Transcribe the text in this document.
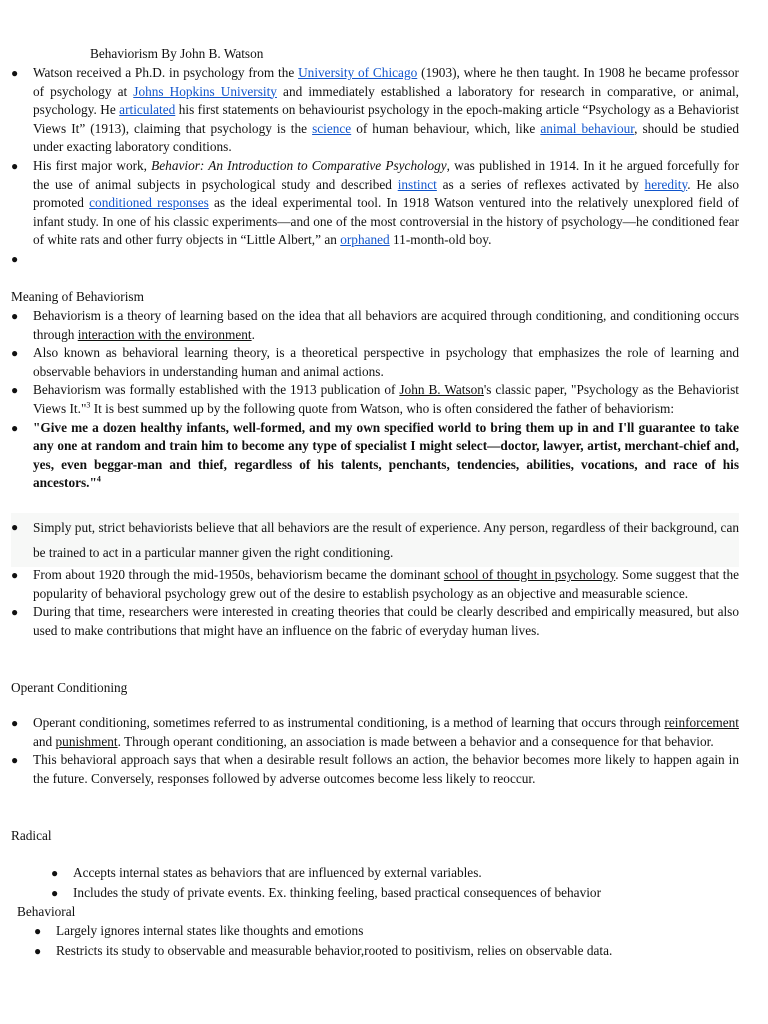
Behaviorism By John B. Watson
● Watson received a Ph.D. in psychology from the University of Chicago (1903), where he then taught. In 1908 he became professor of psychology at Johns Hopkins University and immediately established a laboratory for research in comparative, or animal, psychology. He articulated his first statements on behaviourist psychology in the epoch-making article “Psychology as a Behaviorist Views It” (1913), claiming that psychology is the science of human behaviour, which, like animal behaviour, should be studied under exacting laboratory conditions.
● His first major work, Behavior: An Introduction to Comparative Psychology, was published in 1914. In it he argued forcefully for the use of animal subjects in psychological study and described instinct as a series of reflexes activated by heredity. He also promoted conditioned responses as the ideal experimental tool. In 1918 Watson ventured into the relatively unexplored field of infant study. In one of his classic experiments—and one of the most controversial in the history of psychology—he conditioned fear of white rats and other furry objects in “Little Albert,” an orphaned 11-month-old boy.
●
Meaning of Behaviorism
● Behaviorism is a theory of learning based on the idea that all behaviors are acquired through conditioning, and conditioning occurs through interaction with the environment.
● Also known as behavioral learning theory, is a theoretical perspective in psychology that emphasizes the role of learning and observable behaviors in understanding human and animal actions.
● Behaviorism was formally established with the 1913 publication of John B. Watson's classic paper, "Psychology as the Behaviorist Views It."$^3$ It is best summed up by the following quote from Watson, who is often considered the father of behaviorism:
● "Give me a dozen healthy infants, well-formed, and my own specified world to bring them up in and I'll guarantee to take any one at random and train him to become any type of specialist I might select—doctor, lawyer, artist, merchant-chief and, yes, even beggar-man and thief, regardless of his talents, penchants, tendencies, abilities, vocations, and race of his ancestors."$^4$
● Simply put, strict behaviorists believe that all behaviors are the result of experience. Any person, regardless of their background, can be trained to act in a particular manner given the right conditioning.
● From about 1920 through the mid-1950s, behaviorism became the dominant school of thought in psychology. Some suggest that the popularity of behavioral psychology grew out of the desire to establish psychology as an objective and measurable science.
● During that time, researchers were interested in creating theories that could be clearly described and empirically measured, but also used to make contributions that might have an influence on the fabric of everyday human lives.
Operant Conditioning
● Operant conditioning, sometimes referred to as instrumental conditioning, is a method of learning that occurs through reinforcement and punishment. Through operant conditioning, an association is made between a behavior and a consequence for that behavior.
● This behavioral approach says that when a desirable result follows an action, the behavior becomes more likely to happen again in the future. Conversely, responses followed by adverse outcomes become less likely to reoccur.
Radical
● Accepts internal states as behaviors that are influenced by external variables.
● Includes the study of private events. Ex. thinking feeling, based practical consequences of behavior
Behavioral
● Largely ignores internal states like thoughts and emotions
● Restricts its study to observable and measurable behavior,rooted to positivism, relies on observable data.
